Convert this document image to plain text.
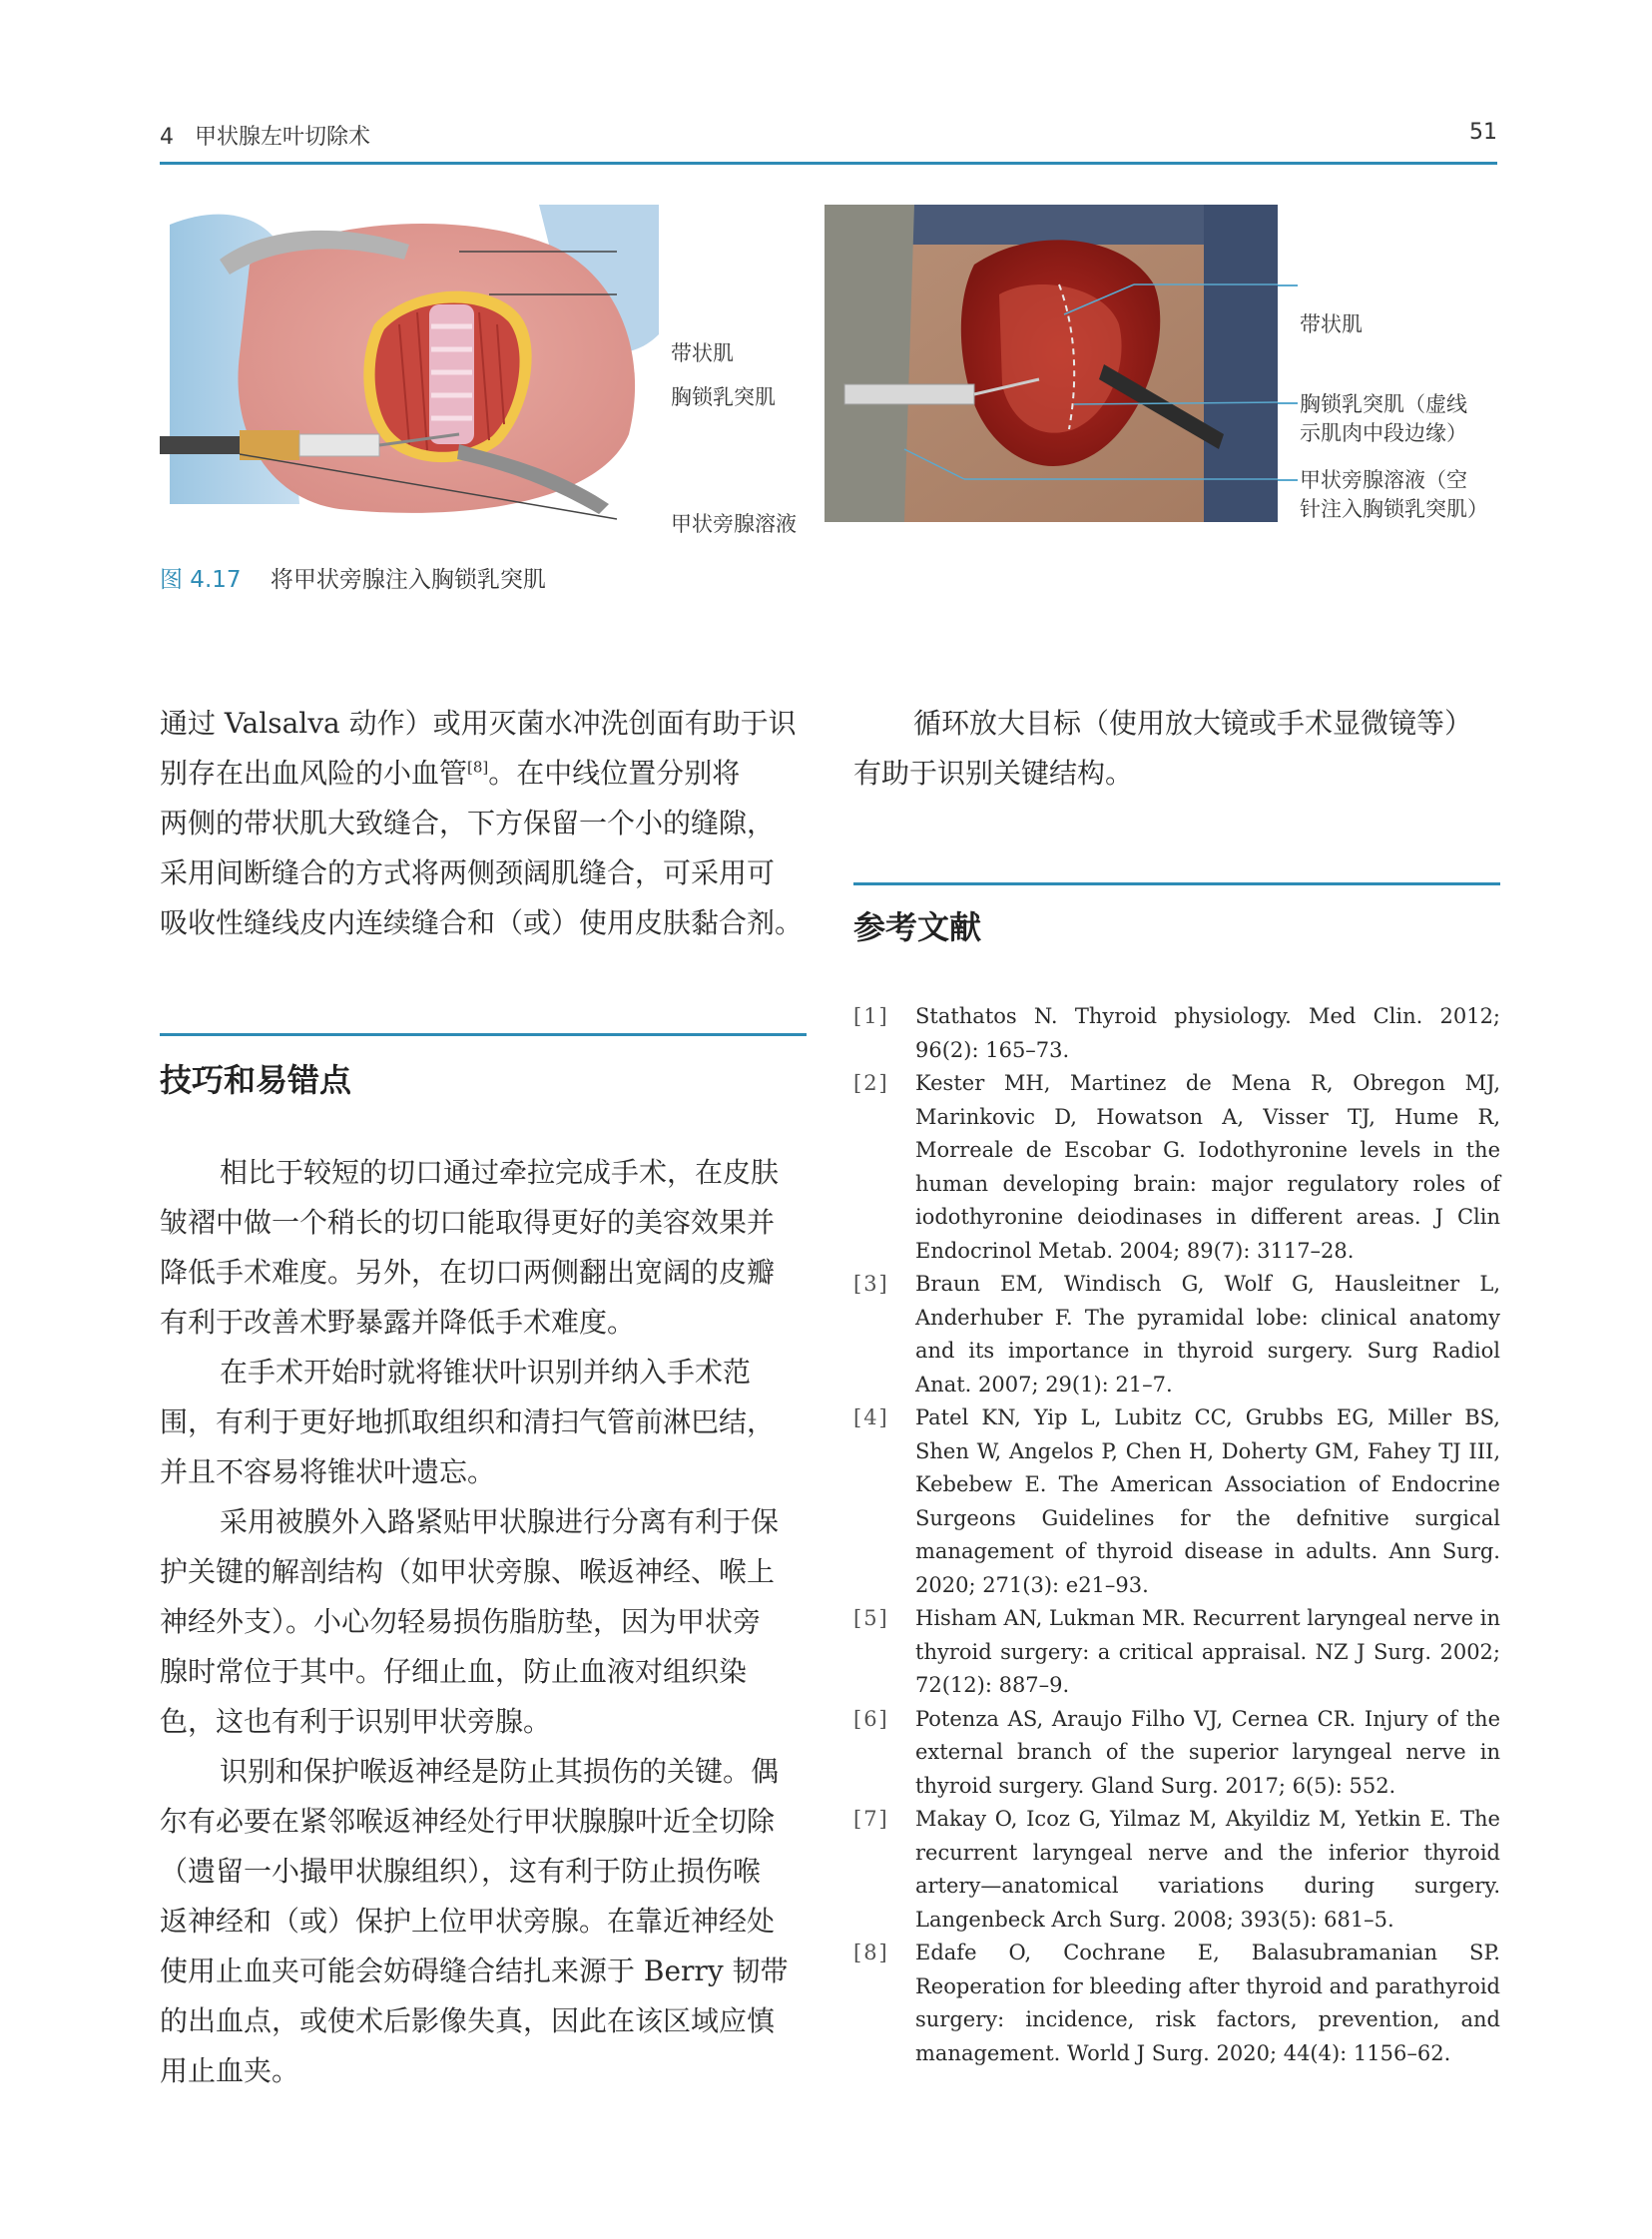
4 甲状腺左叶切除术	51
带状肌
胸锁乳突肌
甲状旁腺溶液
带状肌
胸锁乳突肌（虚线
示肌肉中段边缘）
甲状旁腺溶液（空
针注入胸锁乳突肌）
图 4.17 将甲状旁腺注入胸锁乳突肌
通过 Valsalva 动作）或用灭菌水冲洗创面有助于识
别存在出血风险的小血管[8]。在中线位置分别将
两侧的带状肌大致缝合，下方保留一个小的缝隙，
采用间断缝合的方式将两侧颈阔肌缝合，可采用可
吸收性缝线皮内连续缝合和（或）使用皮肤黏合剂。
技巧和易错点
相比于较短的切口通过牵拉完成手术，在皮肤
皱褶中做一个稍长的切口能取得更好的美容效果并
降低手术难度。另外，在切口两侧翻出宽阔的皮瓣
有利于改善术野暴露并降低手术难度。
在手术开始时就将锥状叶识别并纳入手术范
围，有利于更好地抓取组织和清扫气管前淋巴结，
并且不容易将锥状叶遗忘。
采用被膜外入路紧贴甲状腺进行分离有利于保
护关键的解剖结构（如甲状旁腺、喉返神经、喉上
神经外支）。小心勿轻易损伤脂肪垫，因为甲状旁
腺时常位于其中。仔细止血，防止血液对组织染
色，这也有利于识别甲状旁腺。
识别和保护喉返神经是防止其损伤的关键。偶
尔有必要在紧邻喉返神经处行甲状腺腺叶近全切除
（遗留一小撮甲状腺组织），这有利于防止损伤喉
返神经和（或）保护上位甲状旁腺。在靠近神经处
使用止血夹可能会妨碍缝合结扎来源于 Berry 韧带
的出血点，或使术后影像失真，因此在该区域应慎
用止血夹。
循环放大目标（使用放大镜或手术显微镜等）
有助于识别关键结构。
参考文献
[1]	Stathatos N. Thyroid physiology. Med Clin. 2012; 96(2): 165–73.
[2]	Kester MH, Martinez de Mena R, Obregon MJ, Marinkovic D, Howatson A, Visser TJ, Hume R, Morreale de Escobar G. Iodothyronine levels in the human developing brain: major regulatory roles of iodothyronine deiodinases in different areas. J Clin Endocrinol Metab. 2004; 89(7): 3117–28.
[3]	Braun EM, Windisch G, Wolf G, Hausleitner L, Anderhuber F. The pyramidal lobe: clinical anatomy and its importance in thyroid surgery. Surg Radiol Anat. 2007; 29(1): 21–7.
[4]	Patel KN, Yip L, Lubitz CC, Grubbs EG, Miller BS, Shen W, Angelos P, Chen H, Doherty GM, Fahey TJ III, Kebebew E. The American Association of Endocrine Surgeons Guidelines for the defnitive surgical management of thyroid disease in adults. Ann Surg. 2020; 271(3): e21–93.
[5]	Hisham AN, Lukman MR. Recurrent laryngeal nerve in thyroid surgery: a critical appraisal. NZ J Surg. 2002; 72(12): 887–9.
[6]	Potenza AS, Araujo Filho VJ, Cernea CR. Injury of the external branch of the superior laryngeal nerve in thyroid surgery. Gland Surg. 2017; 6(5): 552.
[7]	Makay O, Icoz G, Yilmaz M, Akyildiz M, Yetkin E. The recurrent laryngeal nerve and the inferior thyroid artery—anatomical variations during surgery. Langenbeck Arch Surg. 2008; 393(5): 681–5.
[8]	Edafe O, Cochrane E, Balasubramanian SP. Reoperation for bleeding after thyroid and parathyroid surgery: incidence, risk factors, prevention, and management. World J Surg. 2020; 44(4): 1156–62.
